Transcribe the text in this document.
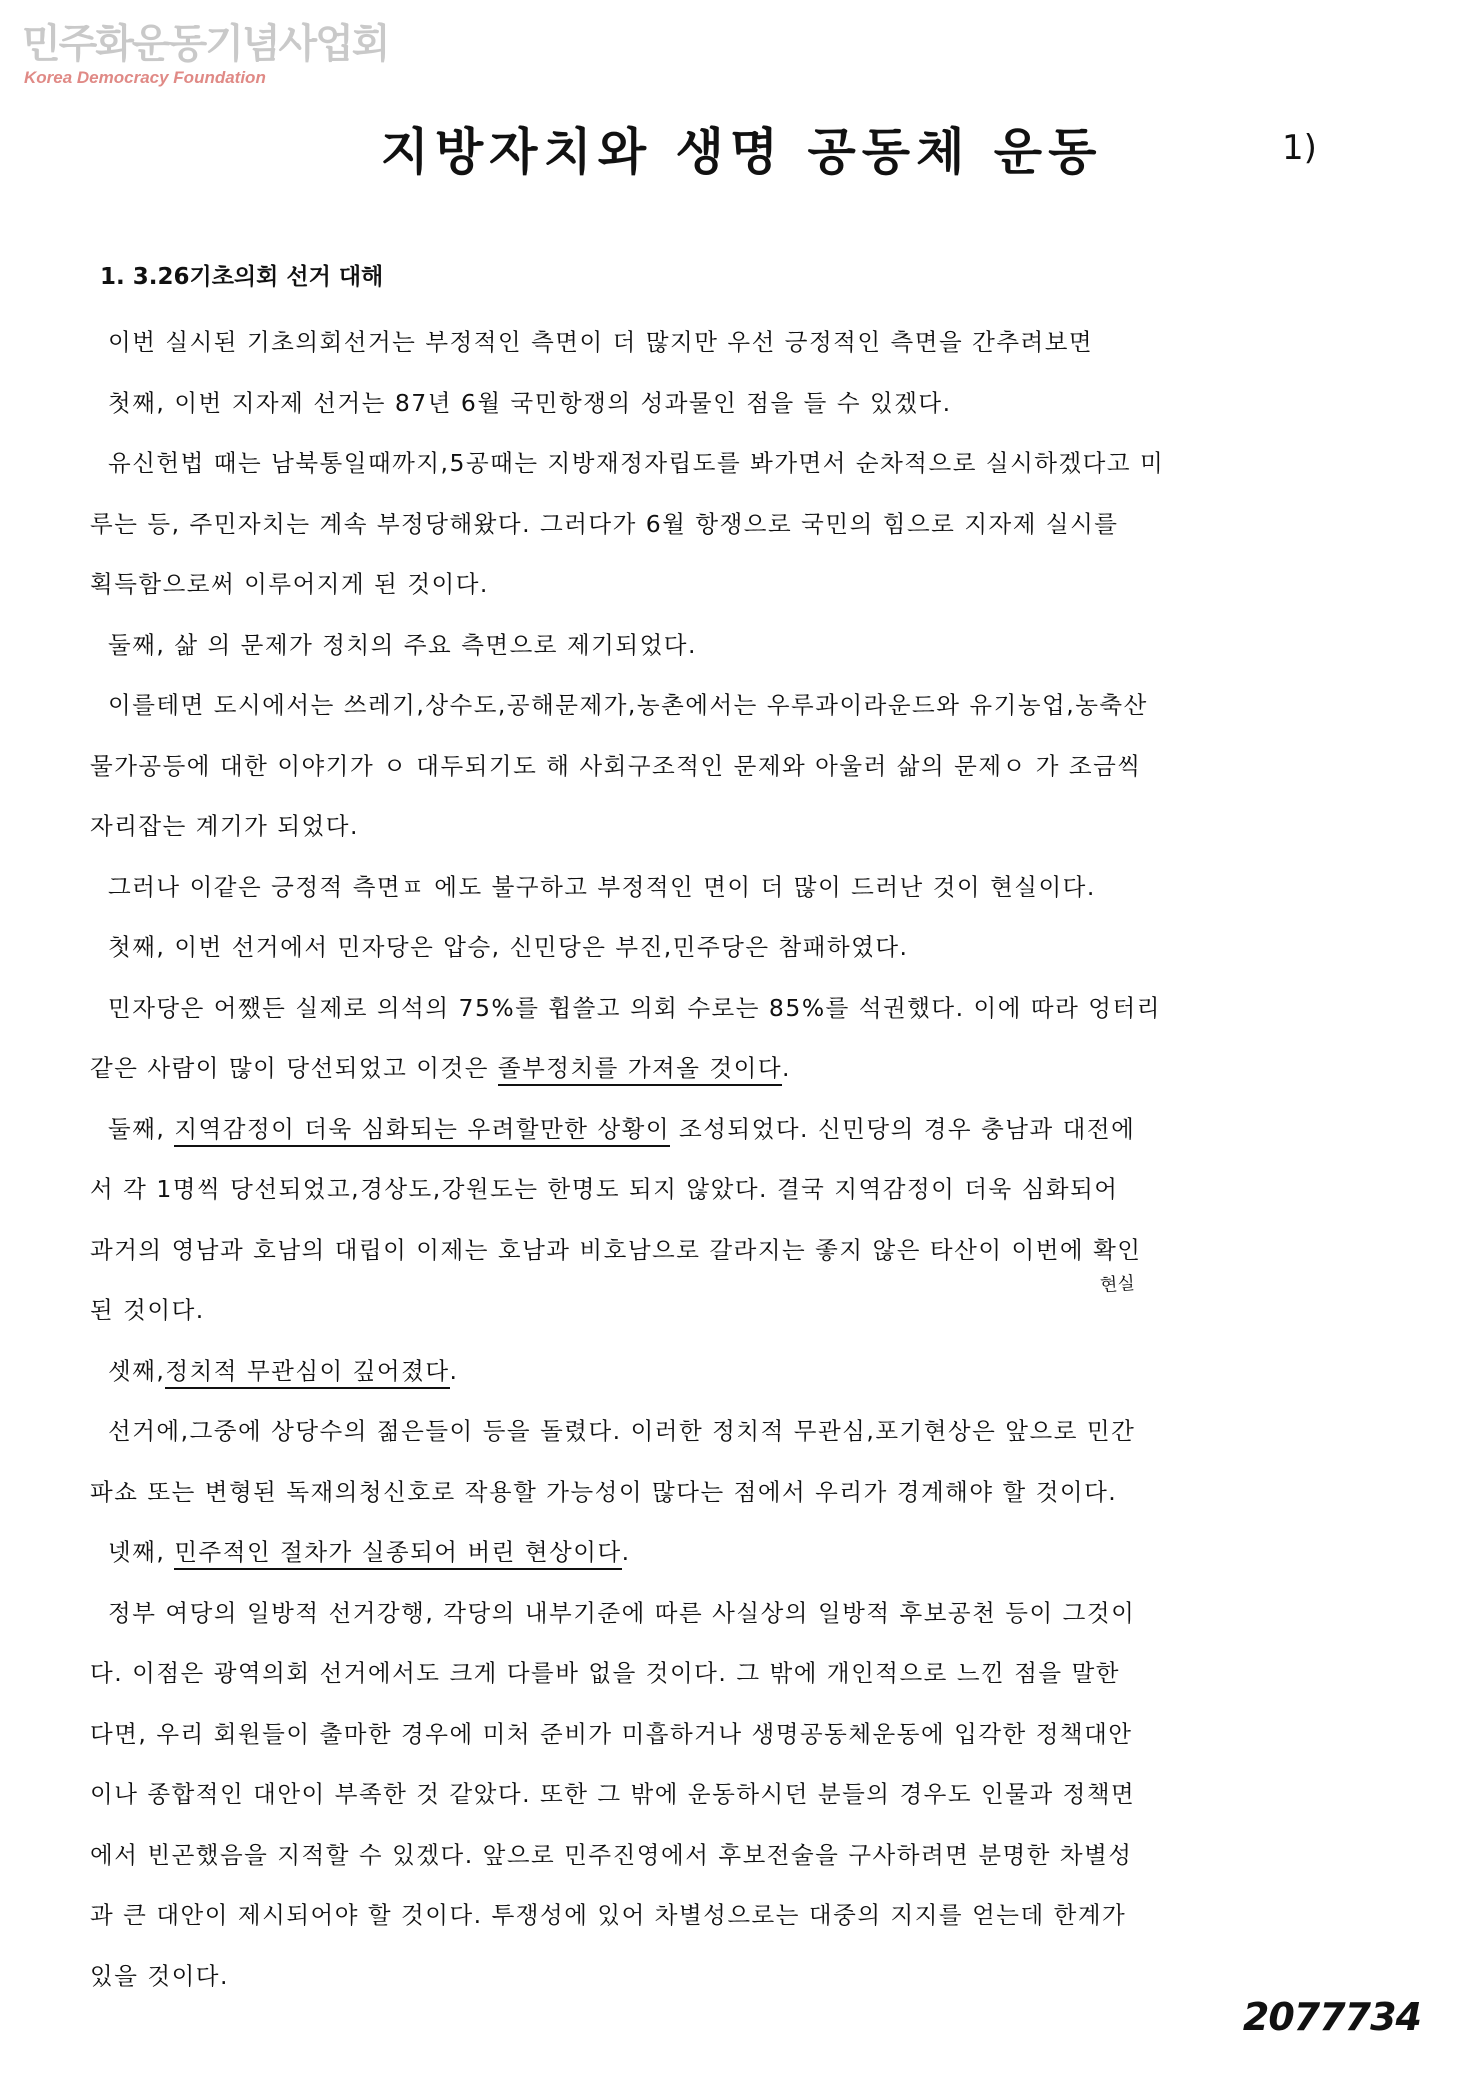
민주화운동기념사업회
Korea Democracy Foundation
지방자치와 생명 공동체 운동	1)
1. 3.26기초의회 선거 대해
이번 실시된 기초의회선거는 부정적인 측면이 더 많지만 우선 긍정적인 측면을 간추려보면
첫째, 이번 지자제 선거는 87년 6월 국민항쟁의 성과물인 점을 들 수 있겠다.
유신헌법 때는 남북통일때까지,5공때는 지방재정자립도를 봐가면서 순차적으로 실시하겠다고 미
루는 등, 주민자치는 계속 부정당해왔다. 그러다가 6월 항쟁으로 국민의 힘으로 지자제 실시를
획득함으로써 이루어지게 된 것이다.
둘째, 삶 의 문제가 정치의 주요 측면으로 제기되었다.
이를테면 도시에서는 쓰레기,상수도,공해문제가,농촌에서는 우루과이라운드와 유기농업,농축산
물가공등에 대한 이야기가 ㅇ 대두되기도 해 사회구조적인 문제와 아울러 삶의 문제ㅇ 가 조금씩
자리잡는 계기가 되었다.
그러나 이같은 긍정적 측면ㅍ 에도 불구하고 부정적인 면이 더 많이 드러난 것이 현실이다.
첫째, 이번 선거에서 민자당은 압승, 신민당은 부진,민주당은 참패하였다.
민자당은 어쨌든 실제로 의석의 75%를 휩쓸고 의회 수로는 85%를 석권했다. 이에 따라 엉터리
같은 사람이 많이 당선되었고 이것은 졸부정치를 가져올 것이다.
둘째, 지역감정이 더욱 심화되는 우려할만한 상황이 조성되었다. 신민당의 경우 충남과 대전에
서 각 1명씩 당선되었고,경상도,강원도는 한명도 되지 않았다. 결국 지역감정이 더욱 심화되어
과거의 영남과 호남의 대립이 이제는 호남과 비호남으로 갈라지는 좋지 않은 타산이 이번에 확인
된 것이다.
셋째,정치적 무관심이 깊어졌다.
선거에,그중에 상당수의 젊은들이 등을 돌렸다. 이러한 정치적 무관심,포기현상은 앞으로 민간
파쇼 또는 변형된 독재의청신호로 작용할 가능성이 많다는 점에서 우리가 경계해야 할 것이다.
넷째, 민주적인 절차가 실종되어 버린 현상이다.
정부 여당의 일방적 선거강행, 각당의 내부기준에 따른 사실상의 일방적 후보공천 등이 그것이
다. 이점은 광역의회 선거에서도 크게 다를바 없을 것이다. 그 밖에 개인적으로 느낀 점을 말한
다면, 우리 회원들이 출마한 경우에 미처 준비가 미흡하거나 생명공동체운동에 입각한 정책대안
이나 종합적인 대안이 부족한 것 같았다. 또한 그 밖에 운동하시던 분들의 경우도 인물과 정책면
에서 빈곤했음을 지적할 수 있겠다. 앞으로 민주진영에서 후보전술을 구사하려면 분명한 차별성
과 큰 대안이 제시되어야 할 것이다. 투쟁성에 있어 차별성으로는 대중의 지지를 얻는데 한계가
있을 것이다.
현실
2077734
